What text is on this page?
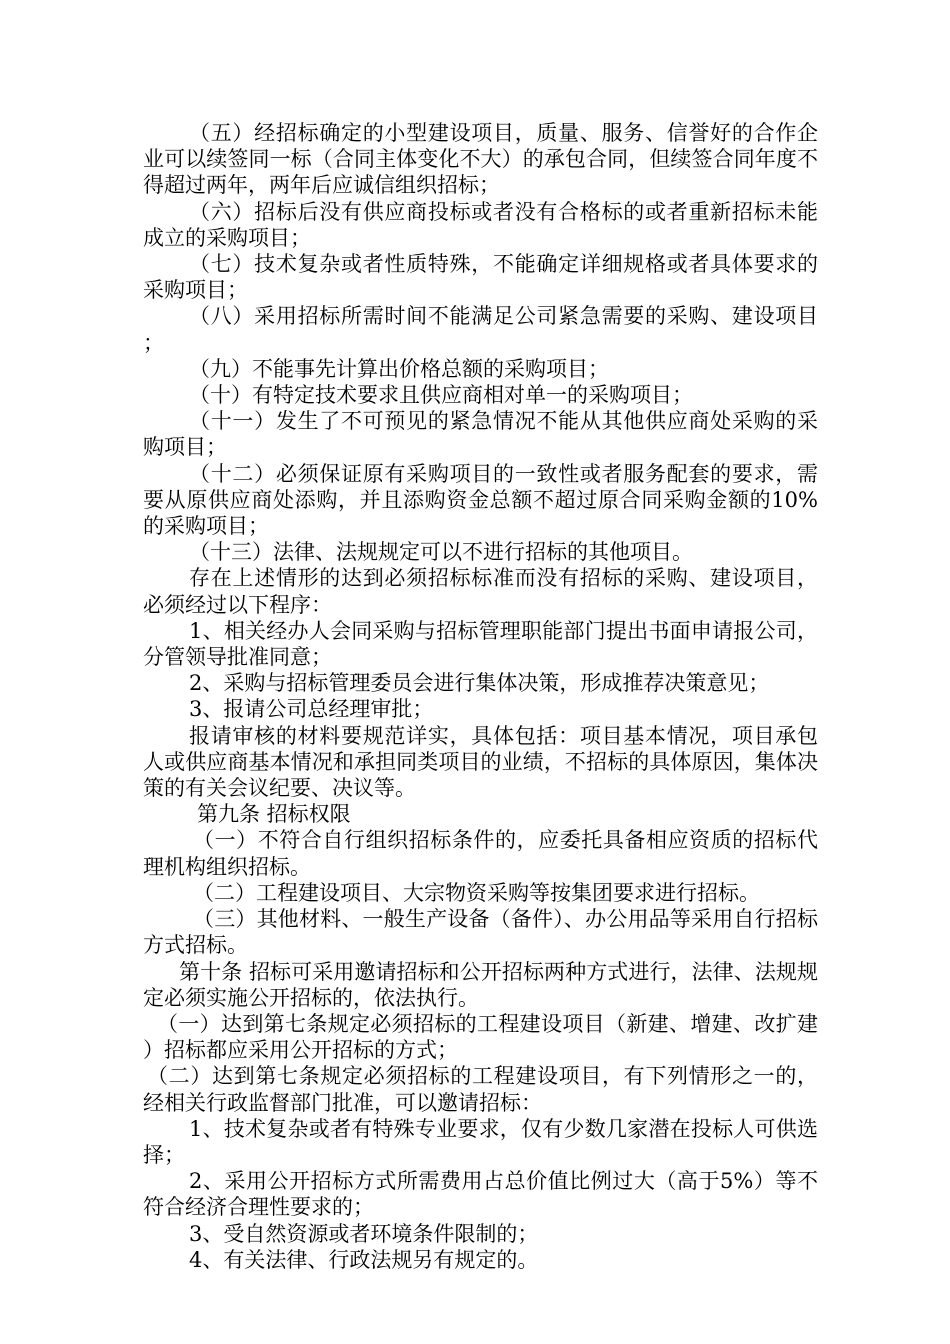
（五）经招标确定的小型建设项目，质量、服务、信誉好的合作企业可以续签同一标（合同主体变化不大）的承包合同，但续签合同年度不得超过两年，两年后应诚信组织招标；

（六）招标后没有供应商投标或者没有合格标的或者重新招标未能成立的采购项目；

（七）技术复杂或者性质特殊，不能确定详细规格或者具体要求的采购项目；

（八）采用招标所需时间不能满足公司紧急需要的采购、建设项目；

（九）不能事先计算出价格总额的采购项目；

（十）有特定技术要求且供应商相对单一的采购项目；

（十一）发生了不可预见的紧急情况不能从其他供应商处采购的采购项目；

（十二）必须保证原有采购项目的一致性或者服务配套的要求，需要从原供应商处添购，并且添购资金总额不超过原合同采购金额的10%的采购项目；

（十三）法律、法规规定可以不进行招标的其他项目。

存在上述情形的达到必须招标标准而没有招标的采购、建设项目，必须经过以下程序：

1、相关经办人会同采购与招标管理职能部门提出书面申请报公司，分管领导批准同意；

2、采购与招标管理委员会进行集体决策，形成推荐决策意见；

3、报请公司总经理审批；

报请审核的材料要规范详实，具体包括：项目基本情况，项目承包人或供应商基本情况和承担同类项目的业绩，不招标的具体原因，集体决策的有关会议纪要、决议等。

第九条 招标权限

（一）不符合自行组织招标条件的，应委托具备相应资质的招标代理机构组织招标。

（二）工程建设项目、大宗物资采购等按集团要求进行招标。

（三）其他材料、一般生产设备（备件）、办公用品等采用自行招标方式招标。

第十条 招标可采用邀请招标和公开招标两种方式进行，法律、法规规定必须实施公开招标的，依法执行。

（一）达到第七条规定必须招标的工程建设项目（新建、增建、改扩建）招标都应采用公开招标的方式；

（二）达到第七条规定必须招标的工程建设项目，有下列情形之一的，经相关行政监督部门批准，可以邀请招标：

1、技术复杂或者有特殊专业要求，仅有少数几家潜在投标人可供选择；

2、采用公开招标方式所需费用占总价值比例过大（高于5%）等不符合经济合理性要求的；

3、受自然资源或者环境条件限制的；

4、有关法律、行政法规另有规定的。
